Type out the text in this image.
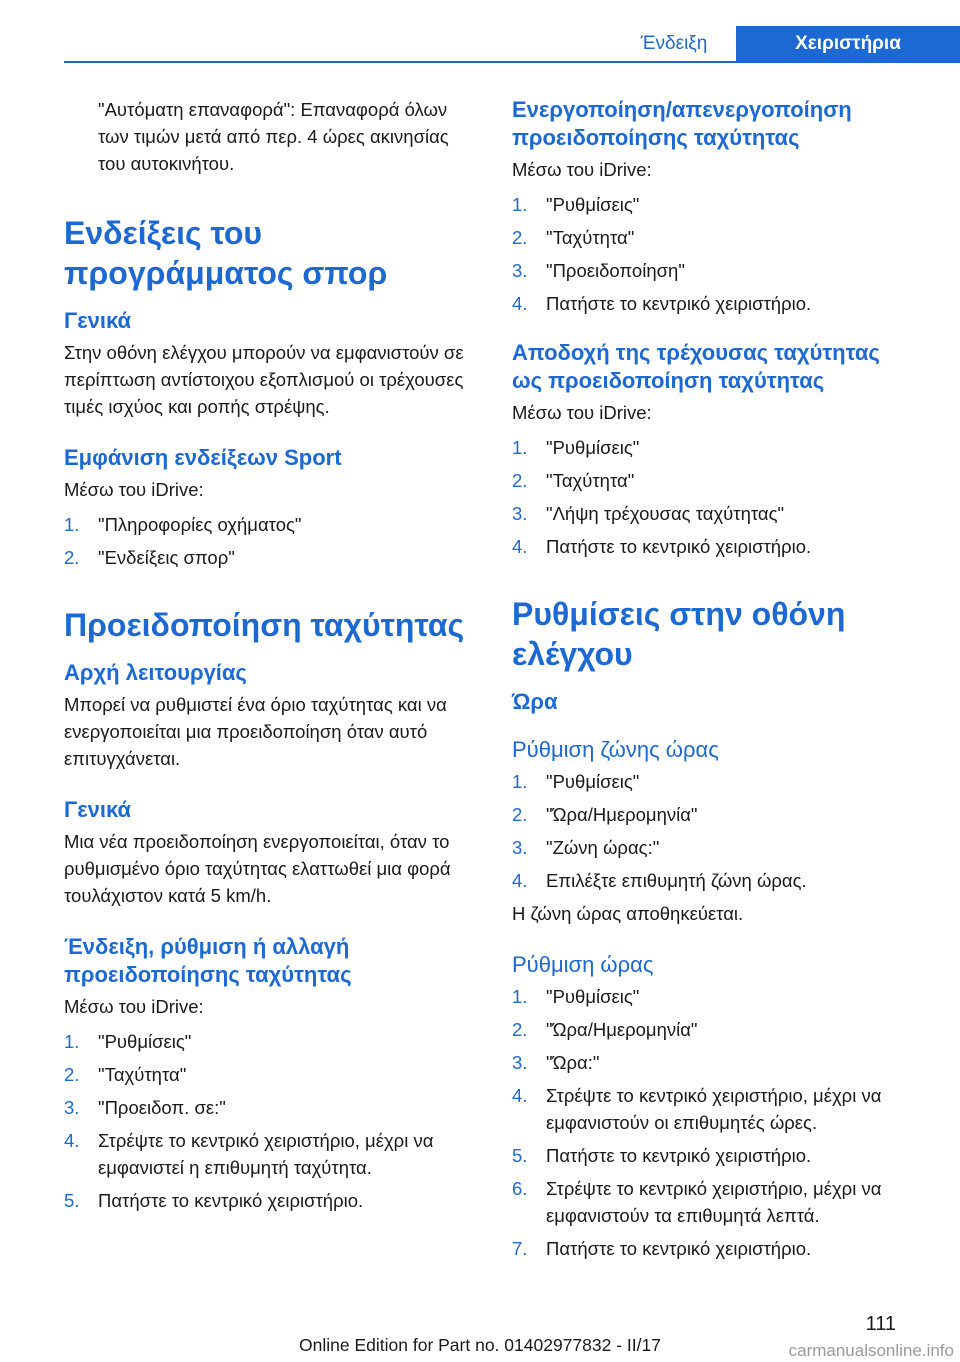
Ένδειξη	Χειριστήρια

"Αυτόματη επαναφορά": Επαναφορά όλων των τιμών μετά από περ. 4 ώρες ακινησίας του αυτοκινήτου.

Ενδείξεις του προγράμματος σπορ
Γενικά

Στην οθόνη ελέγχου μπορούν να εμφανιστούν σε περίπτωση αντίστοιχου εξοπλισμού οι τρέχουσες τιμές ισχύος και ροπής στρέψης.

Εμφάνιση ενδείξεων Sport

Μέσω του iDrive:

1. "Πληροφορίες οχήματος"
2. "Ενδείξεις σπορ"
Προειδοποίηση ταχύτητας
Αρχή λειτουργίας

Μπορεί να ρυθμιστεί ένα όριο ταχύτητας και να ενεργοποιείται μια προειδοποίηση όταν αυτό επιτυγχάνεται.

Γενικά

Μια νέα προειδοποίηση ενεργοποιείται, όταν το ρυθμισμένο όριο ταχύτητας ελαττωθεί μια φορά τουλάχιστον κατά 5 km/h.

Ένδειξη, ρύθμιση ή αλλαγή προειδοποίησης ταχύτητας

Μέσω του iDrive:

1. "Ρυθμίσεις"
2. "Ταχύτητα"
3. "Προειδοπ. σε:"
4. Στρέψτε το κεντρικό χειριστήριο, μέχρι να εμφανιστεί η επιθυμητή ταχύτητα.
5. Πατήστε το κεντρικό χειριστήριο.
Ενεργοποίηση/απενεργοποίηση προειδοποίησης ταχύτητας

Μέσω του iDrive:

1. "Ρυθμίσεις"
2. "Ταχύτητα"
3. "Προειδοποίηση"
4. Πατήστε το κεντρικό χειριστήριο.
Αποδοχή της τρέχουσας ταχύτητας ως προειδοποίηση ταχύτητας

Μέσω του iDrive:

1. "Ρυθμίσεις"
2. "Ταχύτητα"
3. "Λήψη τρέχουσας ταχύτητας"
4. Πατήστε το κεντρικό χειριστήριο.
Ρυθμίσεις στην οθόνη ελέγχου
Ώρα
Ρύθμιση ζώνης ώρας
1. "Ρυθμίσεις"
2. "Ώρα/Ημερομηνία"
3. "Ζώνη ώρας:"
4. Επιλέξτε επιθυμητή ζώνη ώρας.

Η ζώνη ώρας αποθηκεύεται.

Ρύθμιση ώρας
1. "Ρυθμίσεις"
2. "Ώρα/Ημερομηνία"
3. "Ώρα:"
4. Στρέψτε το κεντρικό χειριστήριο, μέχρι να εμφανιστούν οι επιθυμητές ώρες.
5. Πατήστε το κεντρικό χειριστήριο.
6. Στρέψτε το κεντρικό χειριστήριο, μέχρι να εμφανιστούν τα επιθυμητά λεπτά.
7. Πατήστε το κεντρικό χειριστήριο.
111
Online Edition for Part no. 01402977832 - II/17	carmanualsonline.info
